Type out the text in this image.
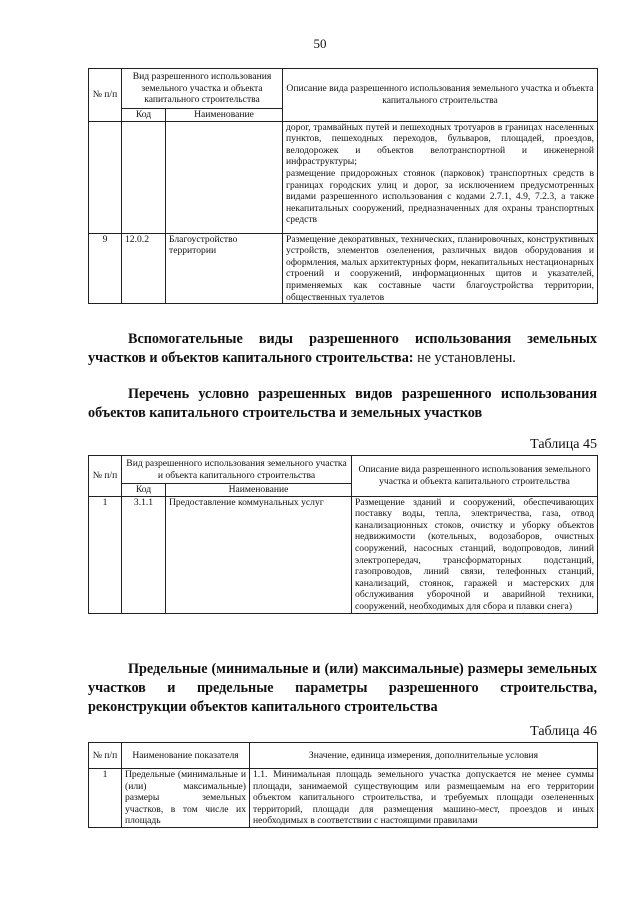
50
№ п/п	Вид разрешенного использования земельного участка и объекта капитального строительства		Описание вида разрешенного использования земельного участка и объекта капитального строительства
	Код	Наименование	
			дорог, трамвайных путей и пешеходных тротуаров в границах населенных пунктов, пешеходных переходов, бульваров, площадей, проездов, велодорожек и объектов велотранспортной и инженерной инфраструктуры;
размещение придорожных стоянок (парковок) транспортных средств в границах городских улиц и дорог, за исключением предусмотренных видами разрешенного использования с кодами 2.7.1, 4.9, 7.2.3, а также некапитальных сооружений, предназначенных для охраны транспортных средств
9	12.0.2	Благоустройство территории	Размещение декоративных, технических, планировочных, конструктивных устройств, элементов озеленения, различных видов оборудования и оформления, малых архитектурных форм, некапитальных нестационарных строений и сооружений, информационных щитов и указателей, применяемых как составные части благоустройства территории, общественных туалетов
Вспомогательные виды разрешенного использования земельных участков и объектов капитального строительства: не установлены.
Перечень условно разрешенных видов разрешенного использования объектов капитального строительства и земельных участков
Таблица 45
№ п/п	Вид разрешенного использования земельного участка и объекта капитального строительства		Описание вида разрешенного использования земельного участка и объекта капитального строительства
	Код	Наименование	
1	3.1.1	Предоставление коммунальных услуг	Размещение зданий и сооружений, обеспечивающих поставку воды, тепла, электричества, газа, отвод канализационных стоков, очистку и уборку объектов недвижимости (котельных, водозаборов, очистных сооружений, насосных станций, водопроводов, линий электропередач, трансформаторных подстанций, газопроводов, линий связи, телефонных станций, канализаций, стоянок, гаражей и мастерских для обслуживания уборочной и аварийной техники, сооружений, необходимых для сбора и плавки снега)
Предельные (минимальные и (или) максимальные) размеры земельных участков и предельные параметры разрешенного строительства, реконструкции объектов капитального строительства
Таблица 46
№ п/п	Наименование показателя	Значение, единица измерения, дополнительные условия
1	Предельные (минимальные и (или) максимальные) размеры земельных участков, в том числе их площадь	1.1. Минимальная площадь земельного участка допускается не менее суммы площади, занимаемой существующим или размещаемым на его территории объектом капитального строительства, и требуемых площади озелененных территорий, площади для размещения машино-мест, проездов и иных необходимых в соответствии с настоящими правилами
